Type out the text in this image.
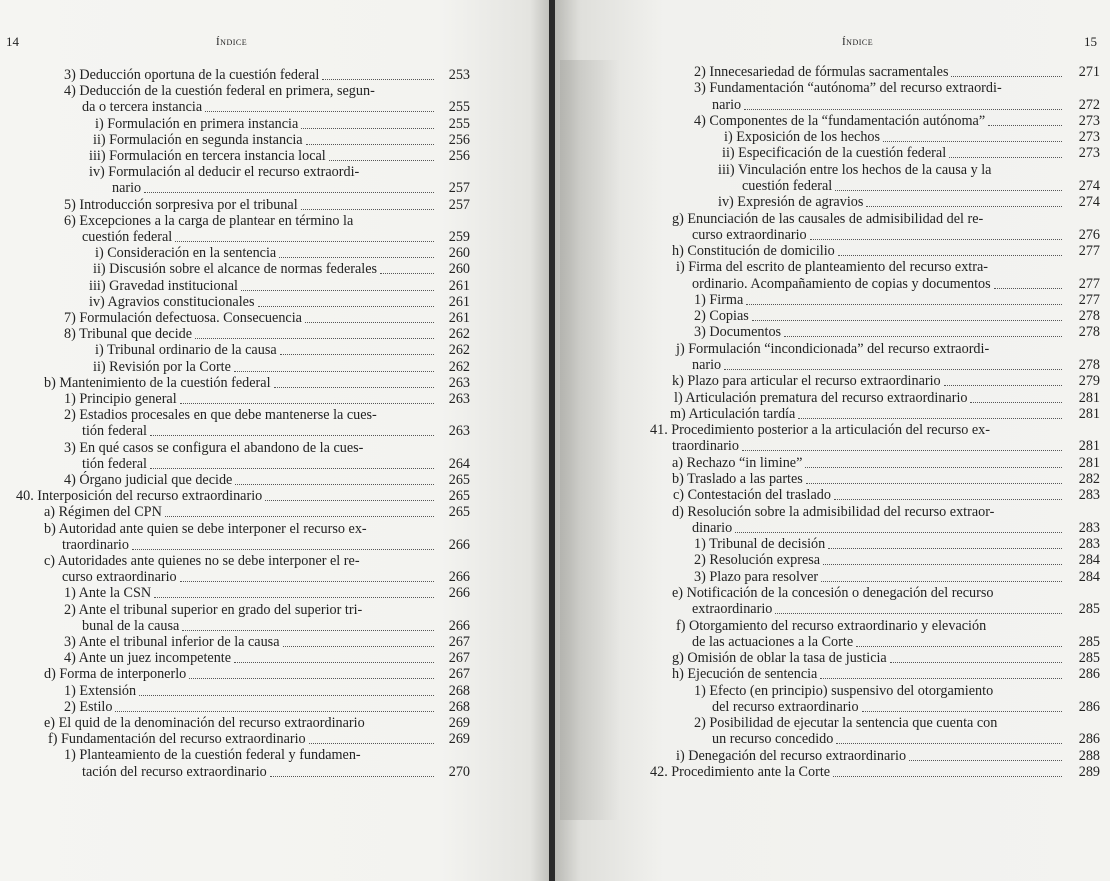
14	Índice
3) Deducción oportuna de la cuestión federal	253
4) Deducción de la cuestión federal en primera, segun-
da o tercera instancia	255
i) Formulación en primera instancia	255
ii) Formulación en segunda instancia	256
iii) Formulación en tercera instancia local	256
iv) Formulación al deducir el recurso extraordi-
nario	257
5) Introducción sorpresiva por el tribunal	257
6) Excepciones a la carga de plantear en término la
cuestión federal	259
i) Consideración en la sentencia	260
ii) Discusión sobre el alcance de normas federales	260
iii) Gravedad institucional	261
iv) Agravios constitucionales	261
7) Formulación defectuosa. Consecuencia	261
8) Tribunal que decide	262
i) Tribunal ordinario de la causa	262
ii) Revisión por la Corte	262
b) Mantenimiento de la cuestión federal	263
1) Principio general	263
2) Estadios procesales en que debe mantenerse la cues-
tión federal	263
3) En qué casos se configura el abandono de la cues-
tión federal	264
4) Órgano judicial que decide	265
40. Interposición del recurso extraordinario	265
a) Régimen del CPN	265
b) Autoridad ante quien se debe interponer el recurso ex-
traordinario	266
c) Autoridades ante quienes no se debe interponer el re-
curso extraordinario	266
1) Ante la CSN	266
2) Ante el tribunal superior en grado del superior tri-
bunal de la causa	266
3) Ante el tribunal inferior de la causa	267
4) Ante un juez incompetente	267
d) Forma de interponerlo	267
1) Extensión	268
2) Estilo	268
e) El quid de la denominación del recurso extraordinario	269
f) Fundamentación del recurso extraordinario	269
1) Planteamiento de la cuestión federal y fundamen-
tación del recurso extraordinario	270
Índice	15
2) Innecesariedad de fórmulas sacramentales	271
3) Fundamentación “autónoma” del recurso extraordi-
nario	272
4) Componentes de la “fundamentación autónoma”	273
i) Exposición de los hechos	273
ii) Especificación de la cuestión federal	273
iii) Vinculación entre los hechos de la causa y la
cuestión federal	274
iv) Expresión de agravios	274
g) Enunciación de las causales de admisibilidad del re-
curso extraordinario	276
h) Constitución de domicilio	277
i) Firma del escrito de planteamiento del recurso extra-
ordinario. Acompañamiento de copias y documentos	277
1) Firma	277
2) Copias	278
3) Documentos	278
j) Formulación “incondicionada” del recurso extraordi-
nario	278
k) Plazo para articular el recurso extraordinario	279
l) Articulación prematura del recurso extraordinario	281
m) Articulación tardía	281
41. Procedimiento posterior a la articulación del recurso ex-
traordinario	281
a) Rechazo “in limine”	281
b) Traslado a las partes	282
c) Contestación del traslado	283
d) Resolución sobre la admisibilidad del recurso extraor-
dinario	283
1) Tribunal de decisión	283
2) Resolución expresa	284
3) Plazo para resolver	284
e) Notificación de la concesión o denegación del recurso
extraordinario	285
f) Otorgamiento del recurso extraordinario y elevación
de las actuaciones a la Corte	285
g) Omisión de oblar la tasa de justicia	285
h) Ejecución de sentencia	286
1) Efecto (en principio) suspensivo del otorgamiento
del recurso extraordinario	286
2) Posibilidad de ejecutar la sentencia que cuenta con
un recurso concedido	286
i) Denegación del recurso extraordinario	288
42. Procedimiento ante la Corte	289
